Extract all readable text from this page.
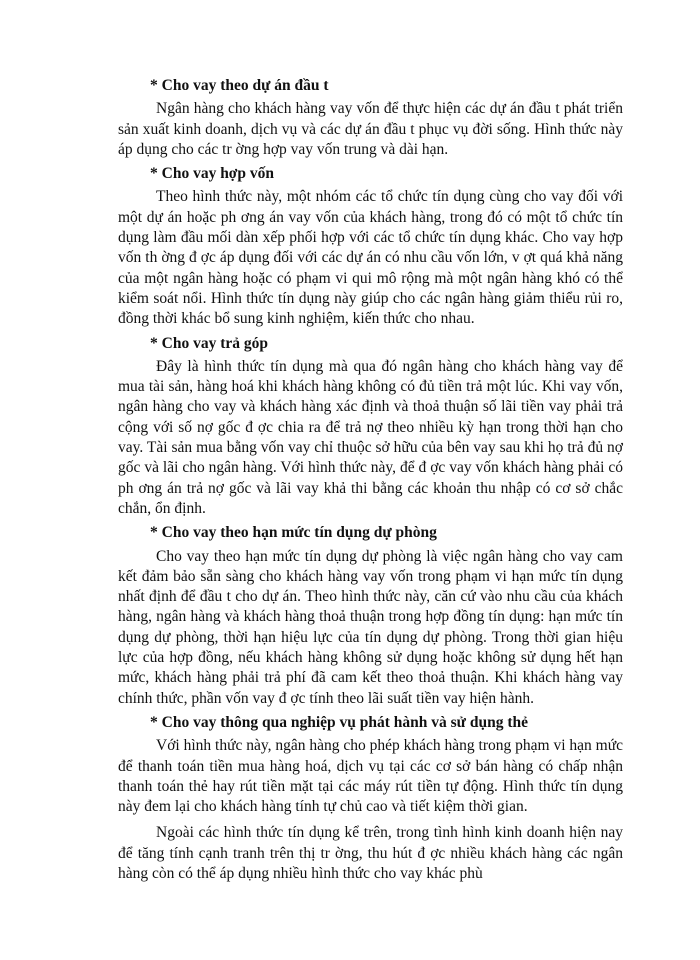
* Cho vay theo dự án đầu t

Ngân hàng cho khách hàng vay vốn để thực hiện các dự án đầu t phát triển sản xuất kinh doanh, dịch vụ và các dự án đầu t phục vụ đời sống. Hình thức này áp dụng cho các tr ờng hợp vay vốn trung và dài hạn.

* Cho vay hợp vốn

Theo hình thức này, một nhóm các tổ chức tín dụng cùng cho vay đối với một dự án hoặc ph ơng án vay vốn của khách hàng, trong đó có một tổ chức tín dụng làm đầu mối dàn xếp phối hợp với các tổ chức tín dụng khác. Cho vay hợp vốn th ờng đ ợc áp dụng đối với các dự án có nhu cầu vốn lớn, v ợt quá khả năng của một ngân hàng hoặc có phạm vi qui mô rộng mà một ngân hàng khó có thể kiểm soát nổi. Hình thức tín dụng này giúp cho các ngân hàng giảm thiểu rủi ro, đồng thời khác bổ sung kinh nghiệm, kiến thức cho nhau.

* Cho vay trả góp

Đây là hình thức tín dụng mà qua đó ngân hàng cho khách hàng vay để mua tài sản, hàng hoá khi khách hàng không có đủ tiền trả một lúc. Khi vay vốn, ngân hàng cho vay và khách hàng xác định và thoả thuận số lãi tiền vay phải trả cộng với số nợ gốc đ ợc chia ra để trả nợ theo nhiều kỳ hạn trong thời hạn cho vay. Tài sản mua bằng vốn vay chỉ thuộc sở hữu của bên vay sau khi họ trả đủ nợ gốc và lãi cho ngân hàng. Với hình thức này, để đ ợc vay vốn khách hàng phải có ph ơng án trả nợ gốc và lãi vay khả thi bằng các khoản thu nhập có cơ sở chắc chắn, ổn định.

* Cho vay theo hạn mức tín dụng dự phòng

Cho vay theo hạn mức tín dụng dự phòng là việc ngân hàng cho vay cam kết đảm bảo sẵn sàng cho khách hàng vay vốn trong phạm vi hạn mức tín dụng nhất định để đầu t cho dự án. Theo hình thức này, căn cứ vào nhu cầu của khách hàng, ngân hàng và khách hàng thoả thuận trong hợp đồng tín dụng: hạn mức tín dụng dự phòng, thời hạn hiệu lực của tín dụng dự phòng. Trong thời gian hiệu lực của hợp đồng, nếu khách hàng không sử dụng hoặc không sử dụng hết hạn mức, khách hàng phải trả phí đã cam kết theo thoả thuận. Khi khách hàng vay chính thức, phần vốn vay đ ợc tính theo lãi suất tiền vay hiện hành.

* Cho vay thông qua nghiệp vụ phát hành và sử dụng thẻ

Với hình thức này, ngân hàng cho phép khách hàng trong phạm vi hạn mức để thanh toán tiền mua hàng hoá, dịch vụ tại các cơ sở bán hàng có chấp nhận thanh toán thẻ hay rút tiền mặt tại các máy rút tiền tự động. Hình thức tín dụng này đem lại cho khách hàng tính tự chủ cao và tiết kiệm thời gian.

Ngoài các hình thức tín dụng kể trên, trong tình hình kinh doanh hiện nay để tăng tính cạnh tranh trên thị tr ờng, thu hút đ ợc nhiều khách hàng các ngân hàng còn có thể áp dụng nhiều hình thức cho vay khác phù
